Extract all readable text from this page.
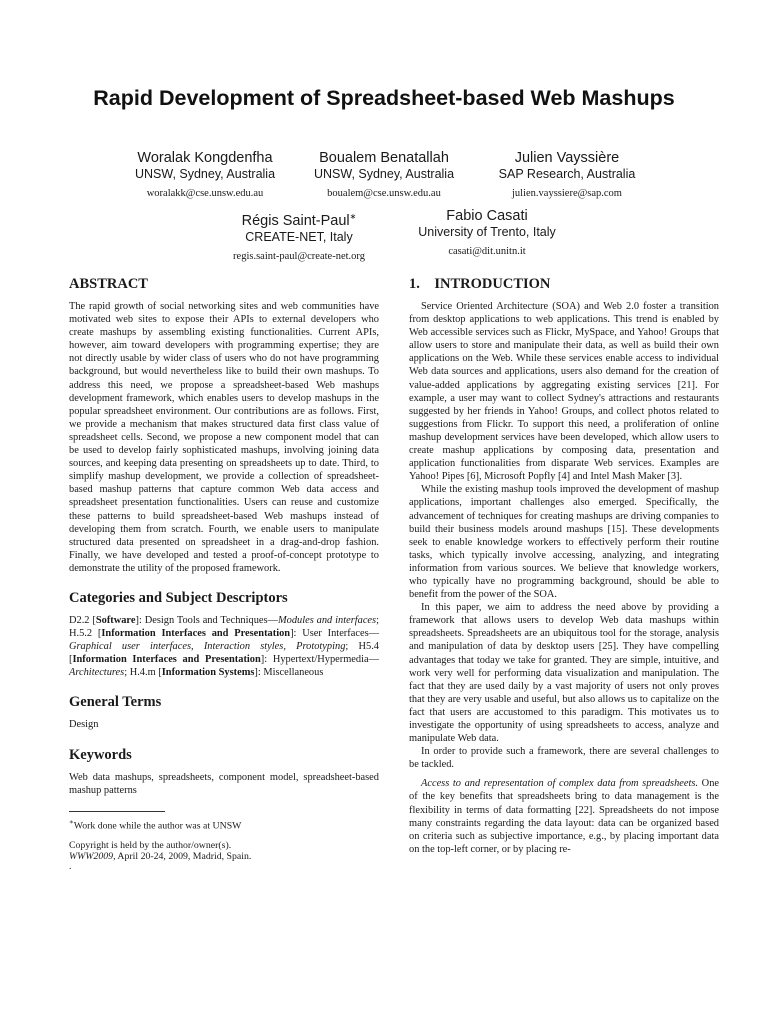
Rapid Development of Spreadsheet-based Web Mashups
Woralak Kongdenfha
UNSW, Sydney, Australia
woralakk@cse.unsw.edu.au
Boualem Benatallah
UNSW, Sydney, Australia
boualem@cse.unsw.edu.au
Julien Vayssière
SAP Research, Australia
julien.vayssiere@sap.com
Régis Saint-Paul∗
CREATE-NET, Italy
regis.saint-paul@create-net.org
Fabio Casati
University of Trento, Italy
casati@dit.unitn.it
ABSTRACT

The rapid growth of social networking sites and web communities have motivated web sites to expose their APIs to external developers who create mashups by assembling existing functionalities. Current APIs, however, aim toward developers with programming expertise; they are not directly usable by wider class of users who do not have programming background, but would nevertheless like to build their own mashups. To address this need, we propose a spreadsheet-based Web mashups development framework, which enables users to develop mashups in the popular spreadsheet environment. Our contributions are as follows. First, we provide a mechanism that makes structured data first class value of spreadsheet cells. Second, we propose a new component model that can be used to develop fairly sophisticated mashups, involving joining data sources, and keeping data presenting on spreadsheets up to date. Third, to simplify mashup development, we provide a collection of spreadsheet-based mashup patterns that capture common Web data access and spreadsheet presentation functionalities. Users can reuse and customize these patterns to build spreadsheet-based Web mashups instead of developing them from scratch. Fourth, we enable users to manipulate structured data presented on spreadsheet in a drag-and-drop fashion. Finally, we have developed and tested a proof-of-concept prototype to demonstrate the utility of the proposed framework.

Categories and Subject Descriptors

D2.2 [Software]: Design Tools and Techniques—Modules and interfaces; H.5.2 [Information Interfaces and Presentation]: User Interfaces—Graphical user interfaces, Interaction styles, Prototyping; H5.4 [Information Interfaces and Presentation]: Hypertext/Hypermedia—Architectures; H.4.m [Information Systems]: Miscellaneous

General Terms

Design

Keywords

Web data mashups, spreadsheets, component model, spreadsheet-based mashup patterns

∗Work done while the author was at UNSW
Copyright is held by the author/owner(s).
WWW2009, April 20-24, 2009, Madrid, Spain.
.
1.    INTRODUCTION

Service Oriented Architecture (SOA) and Web 2.0 foster a transition from desktop applications to web applications. This trend is enabled by Web accessible services such as Flickr, MySpace, and Yahoo! Groups that allow users to store and manipulate their data, as well as build their own applications on the Web. While these services enable access to individual Web data sources and applications, users also demand for the creation of value-added applications by aggregating existing services [21]. For example, a user may want to collect Sydney's attractions and restaurants suggested by her friends in Yahoo! Groups, and collect photos related to suggestions from Flickr. To support this need, a proliferation of online mashup development services have been developed, which allow users to create mashup applications by composing data, presentation and application functionalities from disparate Web services. Examples are Yahoo! Pipes [6], Microsoft Popfly [4] and Intel Mash Maker [3].

While the existing mashup tools improved the development of mashup applications, important challenges also emerged. Specifically, the advancement of techniques for creating mashups are driving companies to build their business models around mashups [15]. These developments seek to enable knowledge workers to effectively perform their routine tasks, which typically involve accessing, analyzing, and integrating information from various sources. We believe that knowledge workers, who typically have no programming background, should be able to benefit from the power of the SOA.

In this paper, we aim to address the need above by providing a framework that allows users to develop Web data mashups within spreadsheets. Spreadsheets are an ubiquitous tool for the storage, analysis and manipulation of data by desktop users [25]. They have compelling advantages that today we take for granted. They are simple, intuitive, and work very well for performing data visualization and manipulation. The fact that they are used daily by a vast majority of users not only proves that they are very usable and useful, but also allows us to capitalize on the fact that users are accustomed to this paradigm. This motivates us to investigate the opportunity of using spreadsheets to access, analyze and manipulate Web data.

In order to provide such a framework, there are several challenges to be tackled.

Access to and representation of complex data from spreadsheets. One of the key benefits that spreadsheets bring to data management is the flexibility in terms of data formatting [22]. Spreadsheets do not impose many constraints regarding the data layout: data can be organized based on criteria such as subjective importance, e.g., by placing important data on the top-left corner, or by placing re-
